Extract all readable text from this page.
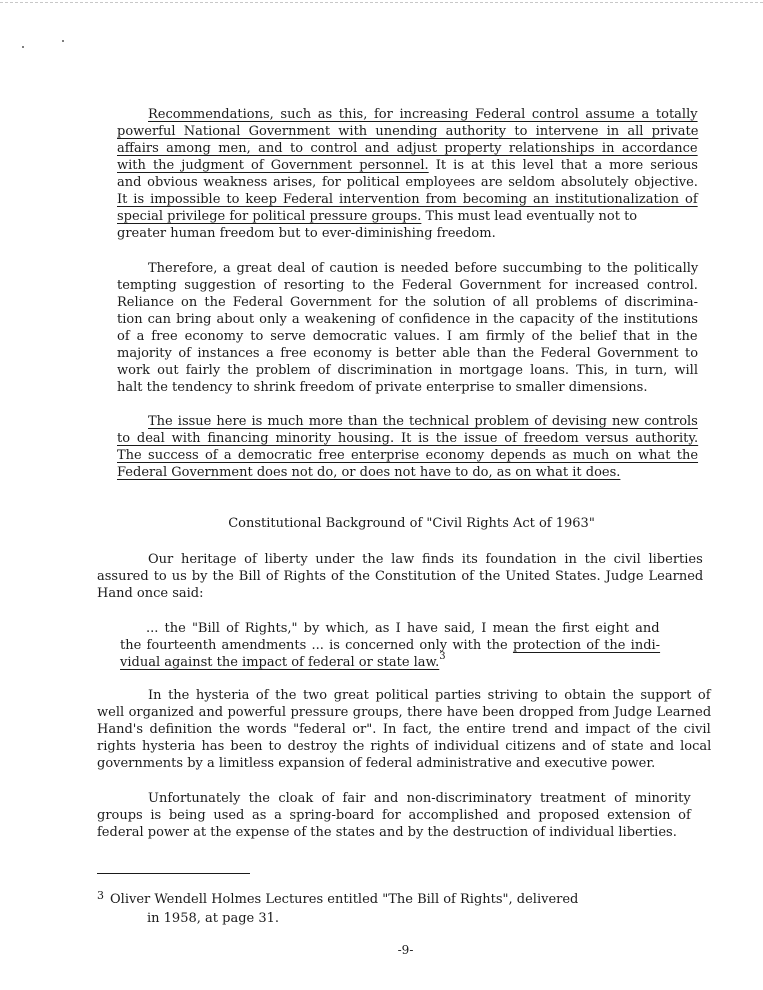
Recommendations, such as this, for increasing Federal control assume a totally
powerful National Government with unending authority to intervene in all private
affairs among men, and to control and adjust property relationships in accordance
with the judgment of Government personnel. It is at this level that a more serious
and obvious weakness arises, for political employees are seldom absolutely objective.
It is impossible to keep Federal intervention from becoming an institutionalization of
special privilege for political pressure groups. This must lead eventually not to
greater human freedom but to ever-diminishing freedom.
Therefore, a great deal of caution is needed before succumbing to the politically
tempting suggestion of resorting to the Federal Government for increased control.
Reliance on the Federal Government for the solution of all problems of discrimina-
tion can bring about only a weakening of confidence in the capacity of the institutions
of a free economy to serve democratic values. I am firmly of the belief that in the
majority of instances a free economy is better able than the Federal Government to
work out fairly the problem of discrimination in mortgage loans. This, in turn, will
halt the tendency to shrink freedom of private enterprise to smaller dimensions.
The issue here is much more than the technical problem of devising new controls
to deal with financing minority housing. It is the issue of freedom versus authority.
The success of a democratic free enterprise economy depends as much on what the
Federal Government does not do, or does not have to do, as on what it does.

Constitutional Background of "Civil Rights Act of 1963"

Our heritage of liberty under the law finds its foundation in the civil liberties
assured to us by the Bill of Rights of the Constitution of the United States. Judge Learned
Hand once said:
... the "Bill of Rights," by which, as I have said, I mean the first eight and
the fourteenth amendments ... is concerned only with the protection of the indi-
vidual against the impact of federal or state law.$^3$
In the hysteria of the two great political parties striving to obtain the support of
well organized and powerful pressure groups, there have been dropped from Judge Learned
Hand's definition the words "federal or". In fact, the entire trend and impact of the civil
rights hysteria has been to destroy the rights of individual citizens and of state and local
governments by a limitless expansion of federal administrative and executive power.
Unfortunately the cloak of fair and non-discriminatory treatment of minority
groups is being used as a spring-board for accomplished and proposed extension of
federal power at the expense of the states and by the destruction of individual liberties.

$^3$ Oliver Wendell Holmes Lectures entitled "The Bill of Rights", delivered
in 1958, at page 31.

-9-
